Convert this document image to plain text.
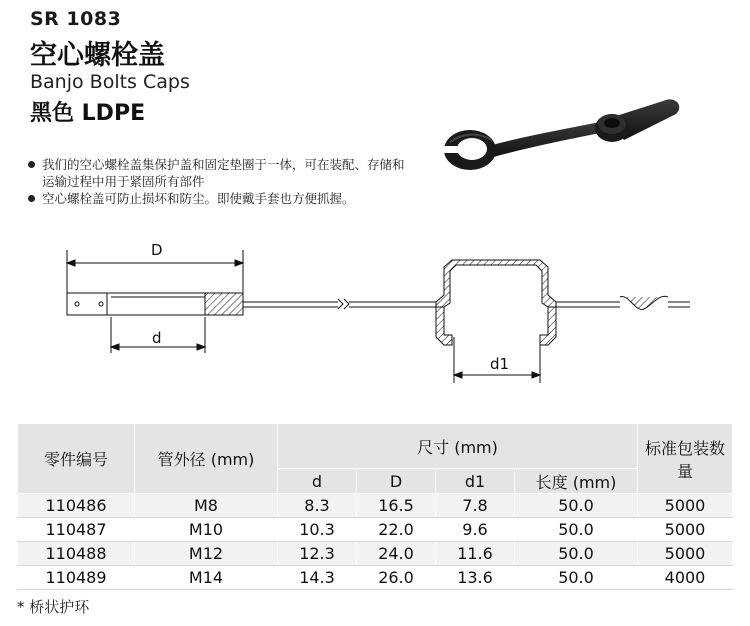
SR 1083
空心螺栓盖
Banjo Bolts Caps
黑色 LDPE
我们的空心螺栓盖集保护盖和固定垫圈于一体，可在装配、存储和运输过程中用于紧固所有部件
空心螺栓盖可防止损坏和防尘。即使戴手套也方便抓握。
D
d
d1
零件编号	管外径 (mm)	尺寸 (mm)				标准包装数量
		d	D	d1	长度 (mm)	
110486	M8	8.3	16.5	7.8	50.0	5000
110487	M10	10.3	22.0	9.6	50.0	5000
110488	M12	12.3	24.0	11.6	50.0	5000
110489	M14	14.3	26.0	13.6	50.0	4000
* 桥状护环
